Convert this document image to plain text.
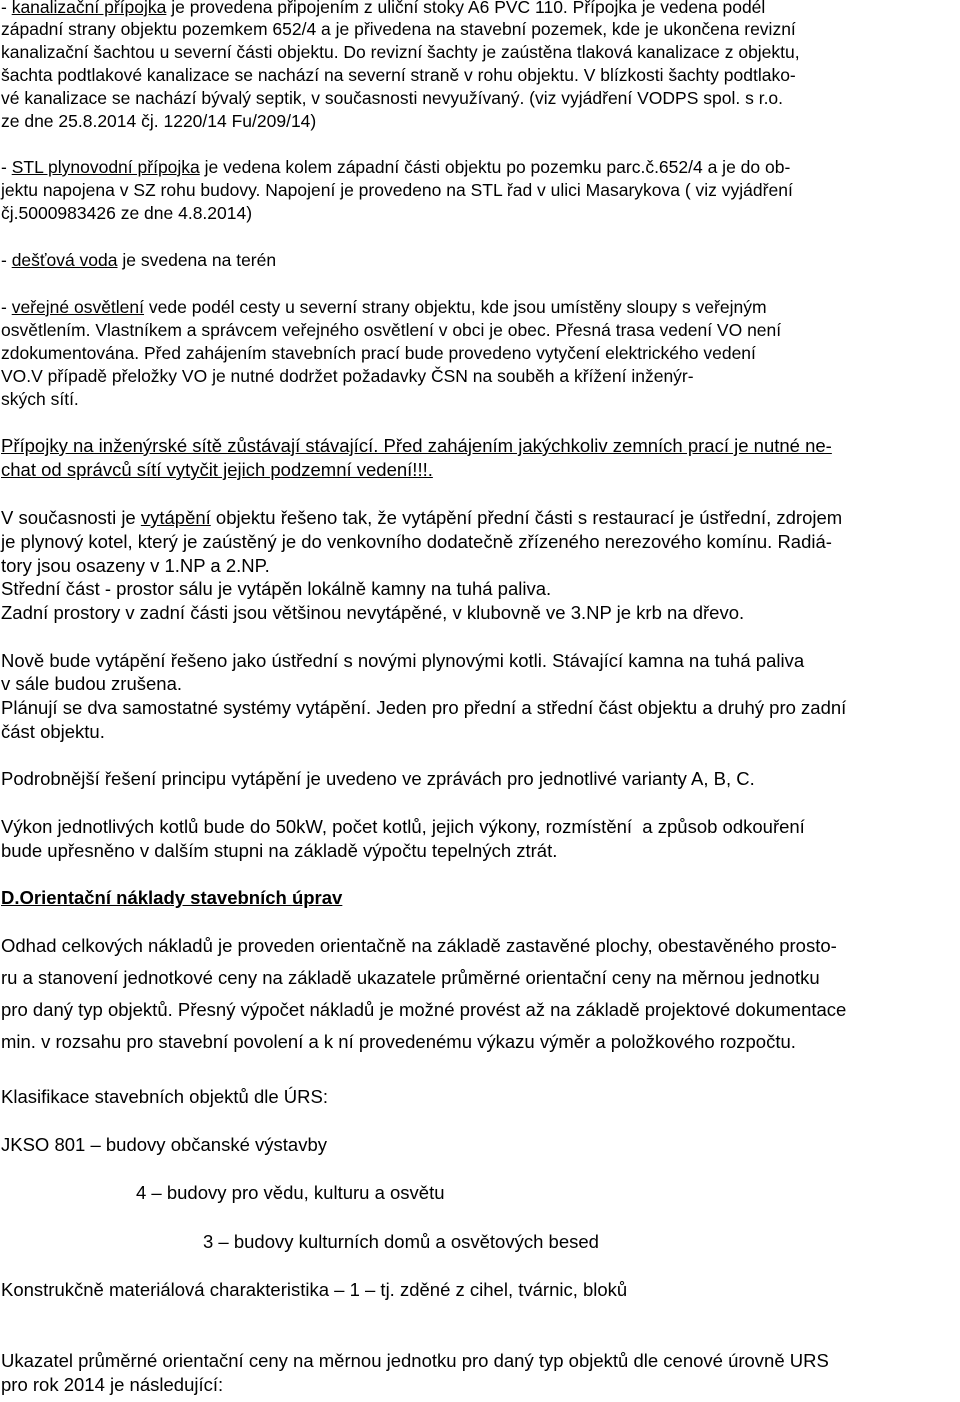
- kanalizační přípojka je provedena připojením z uliční stoky A6 PVC 110. Přípojka je vedena podél
západní strany objektu pozemkem 652/4 a je přivedena na stavební pozemek, kde je ukončena revizní
kanalizační šachtou u severní části objektu. Do revizní šachty je zaústěna tlaková kanalizace z objektu,
šachta podtlakové kanalizace se nachází na severní straně v rohu objektu. V blízkosti šachty podtlako-
vé kanalizace se nachází bývalý septik, v současnosti nevyužívaný. (viz vyjádření VODPS spol. s r.o.
ze dne 25.8.2014 čj. 1220/14 Fu/209/14)
- STL plynovodní přípojka je vedena kolem západní části objektu po pozemku parc.č.652/4 a je do ob-
jektu napojena v SZ rohu budovy. Napojení je provedeno na STL řad v ulici Masarykova ( viz vyjádření
čj.5000983426 ze dne 4.8.2014)
- dešťová voda je svedena na terén
- veřejné osvětlení vede podél cesty u severní strany objektu, kde jsou umístěny sloupy s veřejným
osvětlením. Vlastníkem a správcem veřejného osvětlení v obci je obec. Přesná trasa vedení VO není
zdokumentována. Před zahájením stavebních prací bude provedeno vytyčení elektrického vedení
VO.V případě přeložky VO je nutné dodržet požadavky ČSN na souběh a křížení inženýr-
ských sítí.
Přípojky na inženýrské sítě zůstávají stávající. Před zahájením jakýchkoliv zemních prací je nutné ne-
chat od správců sítí vytyčit jejich podzemní vedení!!!.
V současnosti je vytápění objektu řešeno tak, že vytápění přední části s restaurací je ústřední, zdrojem
je plynový kotel, který je zaústěný je do venkovního dodatečně zřízeného nerezového komínu. Radiá-
tory jsou osazeny v 1.NP a 2.NP.
Střední část - prostor sálu je vytápěn lokálně kamny na tuhá paliva.
Zadní prostory v zadní části jsou většinou nevytápěné, v klubovně ve 3.NP je krb na dřevo.
Nově bude vytápění řešeno jako ústřední s novými plynovými kotli. Stávající kamna na tuhá paliva
v sále budou zrušena.
Plánují se dva samostatné systémy vytápění. Jeden pro přední a střední část objektu a druhý pro zadní
část objektu.
Podrobnější řešení principu vytápění je uvedeno ve zprávách pro jednotlivé varianty A, B, C.
Výkon jednotlivých kotlů bude do 50kW, počet kotlů, jejich výkony, rozmístění  a způsob odkouření
bude upřesněno v dalším stupni na základě výpočtu tepelných ztrát.
D.Orientační náklady stavebních úprav
Odhad celkových nákladů je proveden orientačně na základě zastavěné plochy, obestavěného prosto-
ru a stanovení jednotkové ceny na základě ukazatele průměrné orientační ceny na měrnou jednotku
pro daný typ objektů. Přesný výpočet nákladů je možné provést až na základě projektové dokumentace
min. v rozsahu pro stavební povolení a k ní provedenému výkazu výměr a položkového rozpočtu.
Klasifikace stavebních objektů dle ÚRS:
JKSO 801 – budovy občanské výstavby
4 – budovy pro vědu, kulturu a osvětu
3 – budovy kulturních domů a osvětových besed
Konstrukčně materiálová charakteristika – 1 – tj. zděné z cihel, tvárnic, bloků
Ukazatel průměrné orientační ceny na měrnou jednotku pro daný typ objektů dle cenové úrovně URS
pro rok 2014 je následující:
